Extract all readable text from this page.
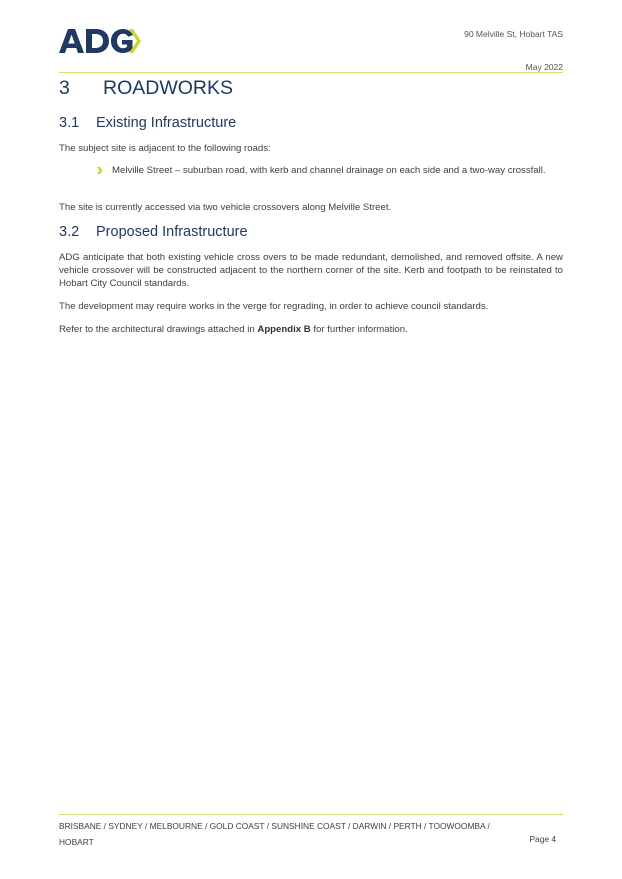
90 Melville St, Hobart TAS
May 2022
3 ROADWORKS
3.1 Existing Infrastructure

The subject site is adjacent to the following roads:

Melville Street – suburban road, with kerb and channel drainage on each side and a two-way crossfall.

The site is currently accessed via two vehicle crossovers along Melville Street.

3.2 Proposed Infrastructure

ADG anticipate that both existing vehicle cross overs to be made redundant, demolished, and removed offsite. A new vehicle crossover will be constructed adjacent to the northern corner of the site. Kerb and footpath to be reinstated to Hobart City Council standards.

The development may require works in the verge for regrading, in order to achieve council standards.

Refer to the architectural drawings attached in Appendix B for further information.

BRISBANE / SYDNEY / MELBOURNE / GOLD COAST / SUNSHINE COAST / DARWIN / PERTH / TOOWOOMBA / HOBART	Page 4
